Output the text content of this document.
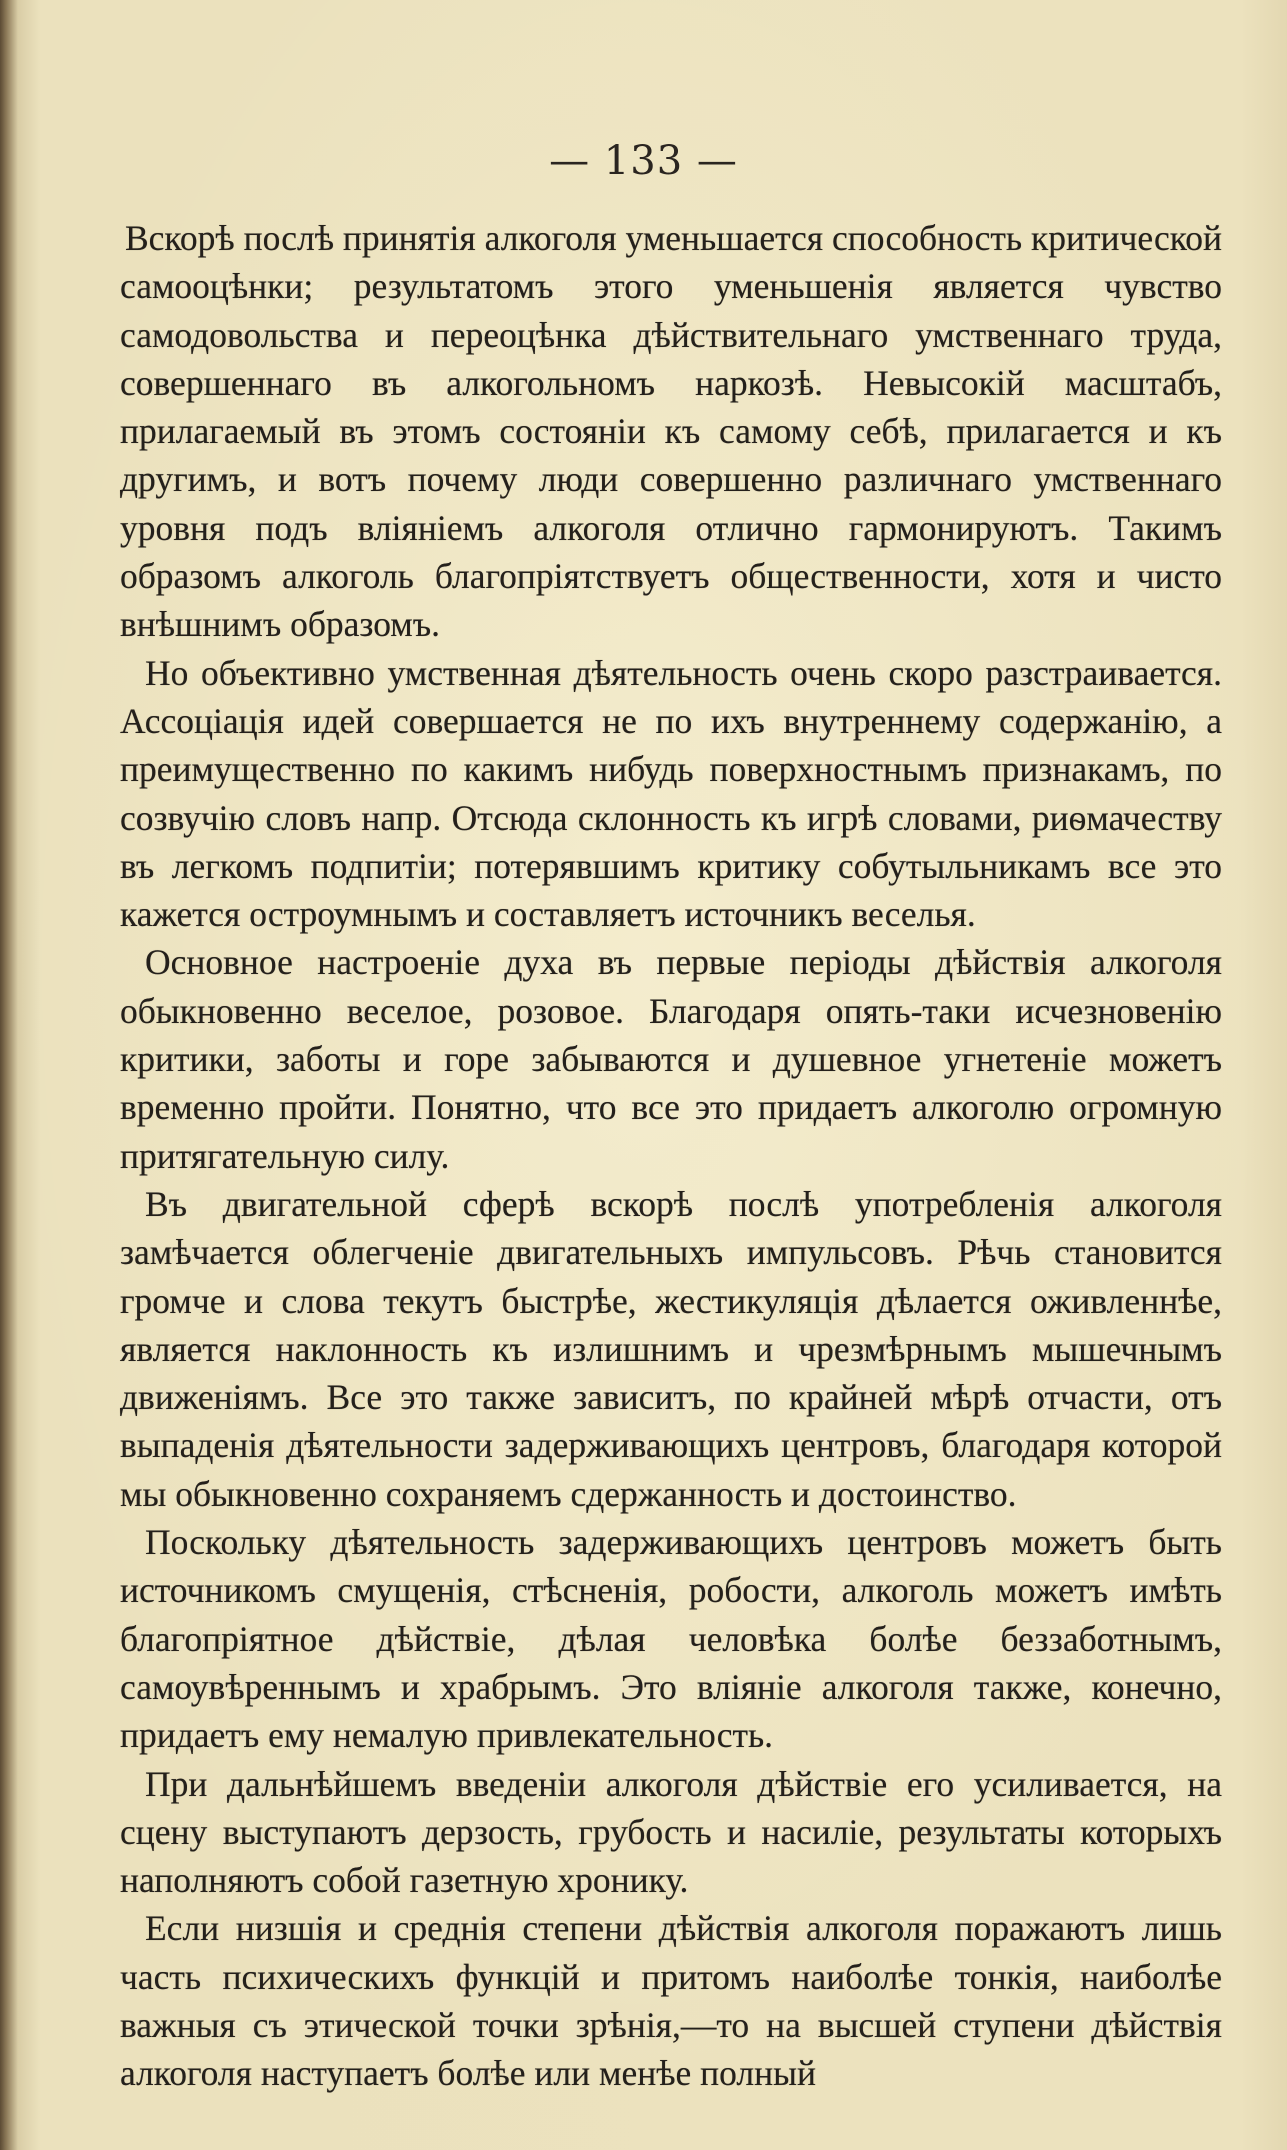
— 133 —

Вскорѣ послѣ принятія алкоголя уменьшается способность критической самооцѣнки; результатомъ этого уменьшенія является чувство самодовольства и переоцѣнка дѣйствительнаго умственнаго труда, совершеннаго въ алкогольномъ наркозѣ. Невысокій масштабъ, прилагаемый въ этомъ состояніи къ самому себѣ, прилагается и къ другимъ, и вотъ почему люди совершенно различнаго умственнаго уровня подъ вліяніемъ алкоголя отлично гармонируютъ. Такимъ образомъ алкоголь благопріятствуетъ общественности, хотя и чисто внѣшнимъ образомъ.

Но объективно умственная дѣятельность очень скоро разстраивается. Ассоціація идей совершается не по ихъ внутреннему содержанію, а преимущественно по какимъ нибудь поверхностнымъ признакамъ, по созвучію словъ напр. Отсюда склонность къ игрѣ словами, риѳмачеству въ легкомъ подпитіи; потерявшимъ критику собутыльникамъ все это кажется остроумнымъ и составляетъ источникъ веселья.

Основное настроеніе духа въ первые періоды дѣйствія алкоголя обыкновенно веселое, розовое. Благодаря опять-таки исчезновенію критики, заботы и горе забываются и душевное угнетеніе можетъ временно пройти. Понятно, что все это придаетъ алкоголю огромную притягательную силу.

Въ двигательной сферѣ вскорѣ послѣ употребленія алкоголя замѣчается облегченіе двигательныхъ импульсовъ. Рѣчь становится громче и слова текутъ быстрѣе, жестикуляція дѣлается оживленнѣе, является наклонность къ излишнимъ и чрезмѣрнымъ мышечнымъ движеніямъ. Все это также зависитъ, по крайней мѣрѣ отчасти, отъ выпаденія дѣятельности задерживающихъ центровъ, благодаря которой мы обыкновенно сохраняемъ сдержанность и достоинство.

Поскольку дѣятельность задерживающихъ центровъ можетъ быть источникомъ смущенія, стѣсненія, робости, алкоголь можетъ имѣть благопріятное дѣйствіе, дѣлая человѣка болѣе беззаботнымъ, самоувѣреннымъ и храбрымъ. Это вліяніе алкоголя также, конечно, придаетъ ему немалую привлекательность.

При дальнѣйшемъ введеніи алкоголя дѣйствіе его усиливается, на сцену выступаютъ дерзость, грубость и насиліе, результаты которыхъ наполняютъ собой газетную хронику.

Если низшія и среднія степени дѣйствія алкоголя поражаютъ лишь часть психическихъ функцій и притомъ наиболѣе тонкія, наиболѣе важныя съ этической точки зрѣнія,—то на высшей ступени дѣйствія алкоголя наступаетъ болѣе или менѣе полный
